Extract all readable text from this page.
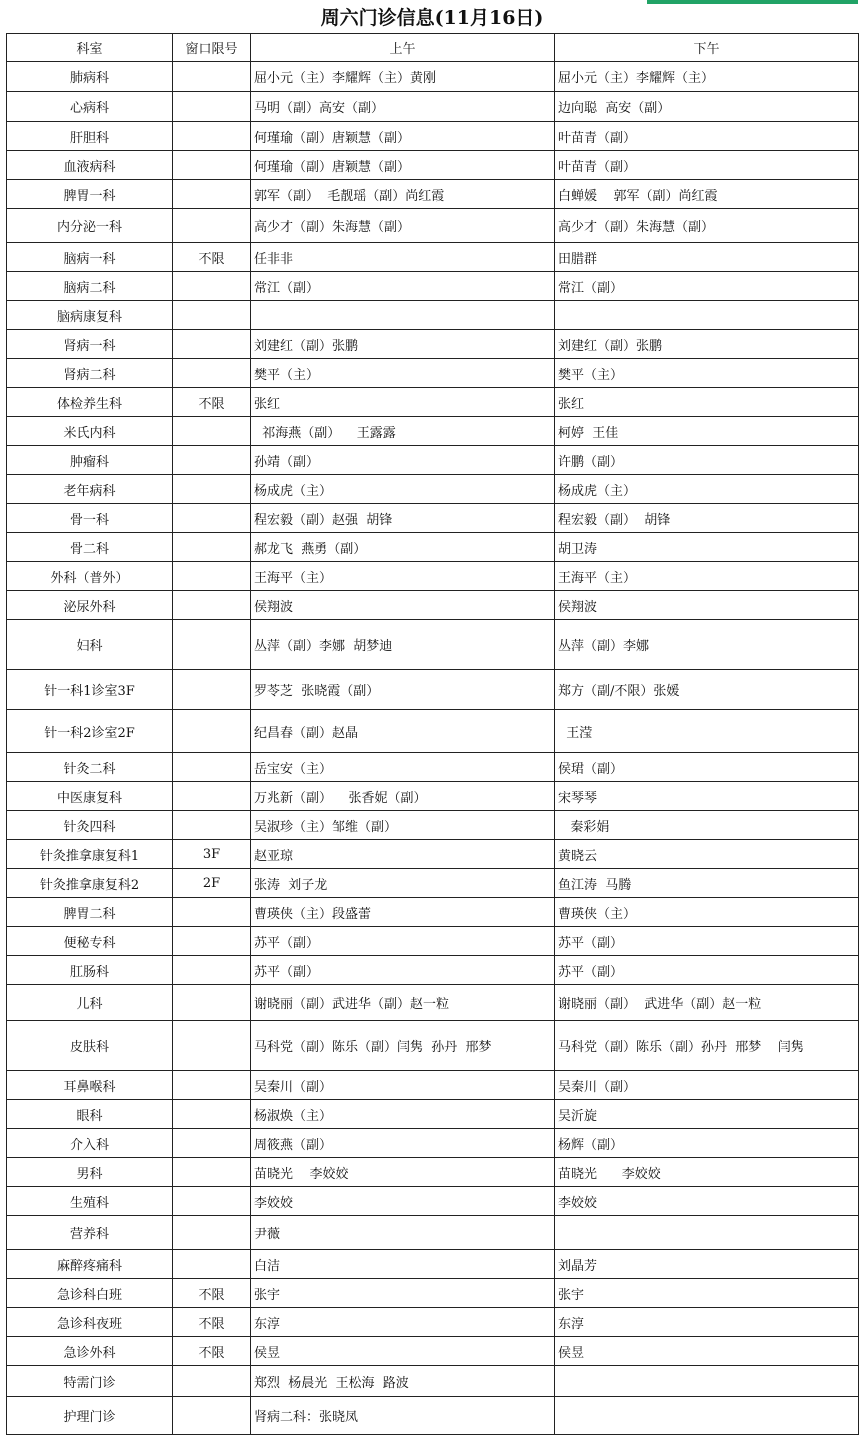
周六门诊信息(11月16日)
科室	窗口限号	上午	下午
肺病科		屈小元（主）李耀辉（主）黄刚	屈小元（主）李耀辉（主）
心病科		马明（副）高安（副）	边向聪  高安（副）
肝胆科		何瑾瑜（副）唐颖慧（副）	叶苗青（副）
血液病科		何瑾瑜（副）唐颖慧（副）	叶苗青（副）
脾胃一科		郭军（副）  毛靓瑶（副）尚红霞	白蝉媛    郭军（副）尚红霞
内分泌一科		高少才（副）朱海慧（副）	高少才（副）朱海慧（副）
脑病一科	不限	任非非	田腊群
脑病二科		常江（副）	常江（副）
脑病康复科			
肾病一科		刘建红（副）张鹏	刘建红（副）张鹏
肾病二科		樊平（主）	樊平（主）
体检养生科	不限	张红	张红
米氏内科		祁海燕（副）    王露露	柯婷  王佳
肿瘤科		孙靖（副）	许鹏（副）
老年病科		杨成虎（主）	杨成虎（主）
骨一科		程宏毅（副）赵强  胡锋	程宏毅（副）  胡锋
骨二科		郝龙飞  燕勇（副）	胡卫涛
外科（普外）		王海平（主）	王海平（主）
泌尿外科		侯翔波	侯翔波
妇科		丛萍（副）李娜  胡梦迪	丛萍（副）李娜
针一科1诊室3F		罗苓芝  张晓霞（副）	郑方（副/不限）张媛
针一科2诊室2F		纪昌春（副）赵晶	王滢
针灸二科		岳宝安（主）	侯珺（副）
中医康复科		万兆新（副）    张香妮（副）	宋琴琴
针灸四科		吴淑珍（主）邹维（副）	秦彩娟
针灸推拿康复科1	3F	赵亚琼	黄晓云
针灸推拿康复科2	2F	张涛  刘子龙	鱼江涛  马腾
脾胃二科		曹瑛侠（主）段盛蕾	曹瑛侠（主）
便秘专科		苏平（副）	苏平（副）
肛肠科		苏平（副）	苏平（副）
儿科		谢晓丽（副）武进华（副）赵一粒	谢晓丽（副）  武进华（副）赵一粒
皮肤科		马科党（副）陈乐（副）闫隽  孙丹  邢梦	马科党（副）陈乐（副）孙丹  邢梦    闫隽
耳鼻喉科		吴秦川（副）	吴秦川（副）
眼科		杨淑焕（主）	吴沂旋
介入科		周筱燕（副）	杨辉（副）
男科		苗晓光    李姣姣	苗晓光      李姣姣
生殖科		李姣姣	李姣姣
营养科		尹薇	
麻醉疼痛科		白洁	刘晶芳
急诊科白班	不限	张宇	张宇
急诊科夜班	不限	东淳	东淳
急诊外科	不限	侯昱	侯昱
特需门诊		郑烈  杨晨光  王松海  路波	
护理门诊		肾病二科：张晓凤	
